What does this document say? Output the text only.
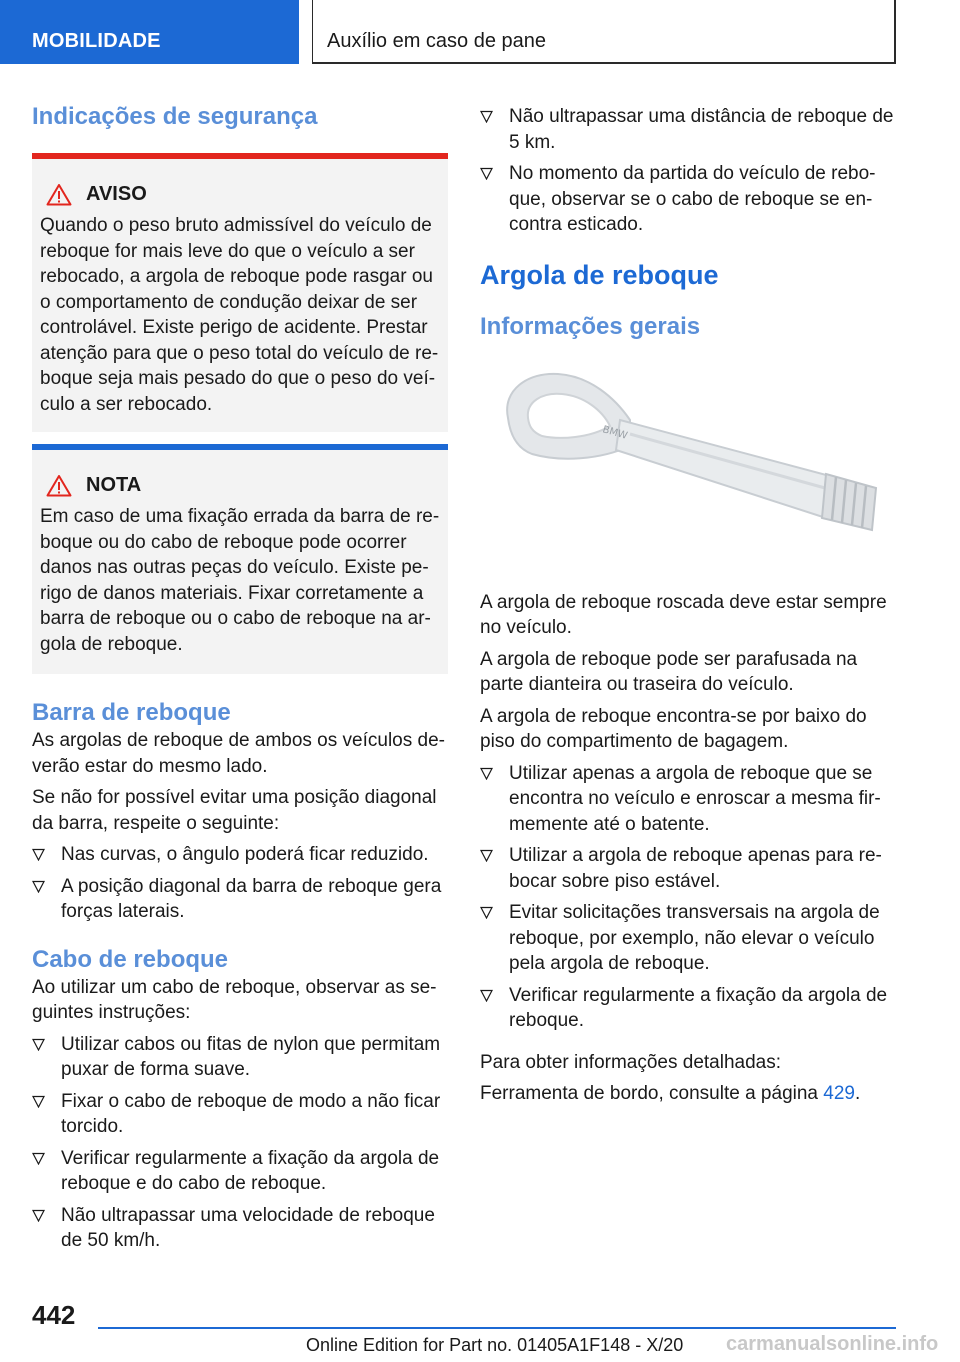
MOBILIDADE	Auxílio em caso de pane
Indicações de segurança
AVISO

Quando o peso bruto admissível do veículo de reboque for mais leve do que o veículo a ser rebocado, a argola de reboque pode rasgar ou o comportamento de condução deixar de ser controlável. Existe perigo de acidente. Prestar atenção para que o peso total do veículo de reboque seja mais pesado do que o peso do veículo a ser rebocado.

NOTA

Em caso de uma fixação errada da barra de reboque ou do cabo de reboque pode ocorrer danos nas outras peças do veículo. Existe perigo de danos materiais. Fixar corretamente a barra de reboque ou o cabo de reboque na argola de reboque.

Barra de reboque

As argolas de reboque de ambos os veículos deverão estar do mesmo lado.

Se não for possível evitar uma posição diagonal da barra, respeite o seguinte:

Nas curvas, o ângulo poderá ficar reduzido.
A posição diagonal da barra de reboque gera forças laterais.
Cabo de reboque

Ao utilizar um cabo de reboque, observar as seguintes instruções:

Utilizar cabos ou fitas de nylon que permitam puxar de forma suave.
Fixar o cabo de reboque de modo a não ficar torcido.
Verificar regularmente a fixação da argola de reboque e do cabo de reboque.
Não ultrapassar uma velocidade de reboque de 50 km/h.
Não ultrapassar uma distância de reboque de 5 km.
No momento da partida do veículo de reboque, observar se o cabo de reboque se encontra esticado.
Argola de reboque
Informações gerais
BMW

A argola de reboque roscada deve estar sempre no veículo.

A argola de reboque pode ser parafusada na parte dianteira ou traseira do veículo.

A argola de reboque encontra-se por baixo do piso do compartimento de bagagem.

Utilizar apenas a argola de reboque que se encontra no veículo e enroscar a mesma firmemente até o batente.
Utilizar a argola de reboque apenas para rebocar sobre piso estável.
Evitar solicitações transversais na argola de reboque, por exemplo, não elevar o veículo pela argola de reboque.
Verificar regularmente a fixação da argola de reboque.

Para obter informações detalhadas:

Ferramenta de bordo, consulte a página 429.

442
Online Edition for Part no. 01405A1F148 - X/20 carmanualsonline.info
